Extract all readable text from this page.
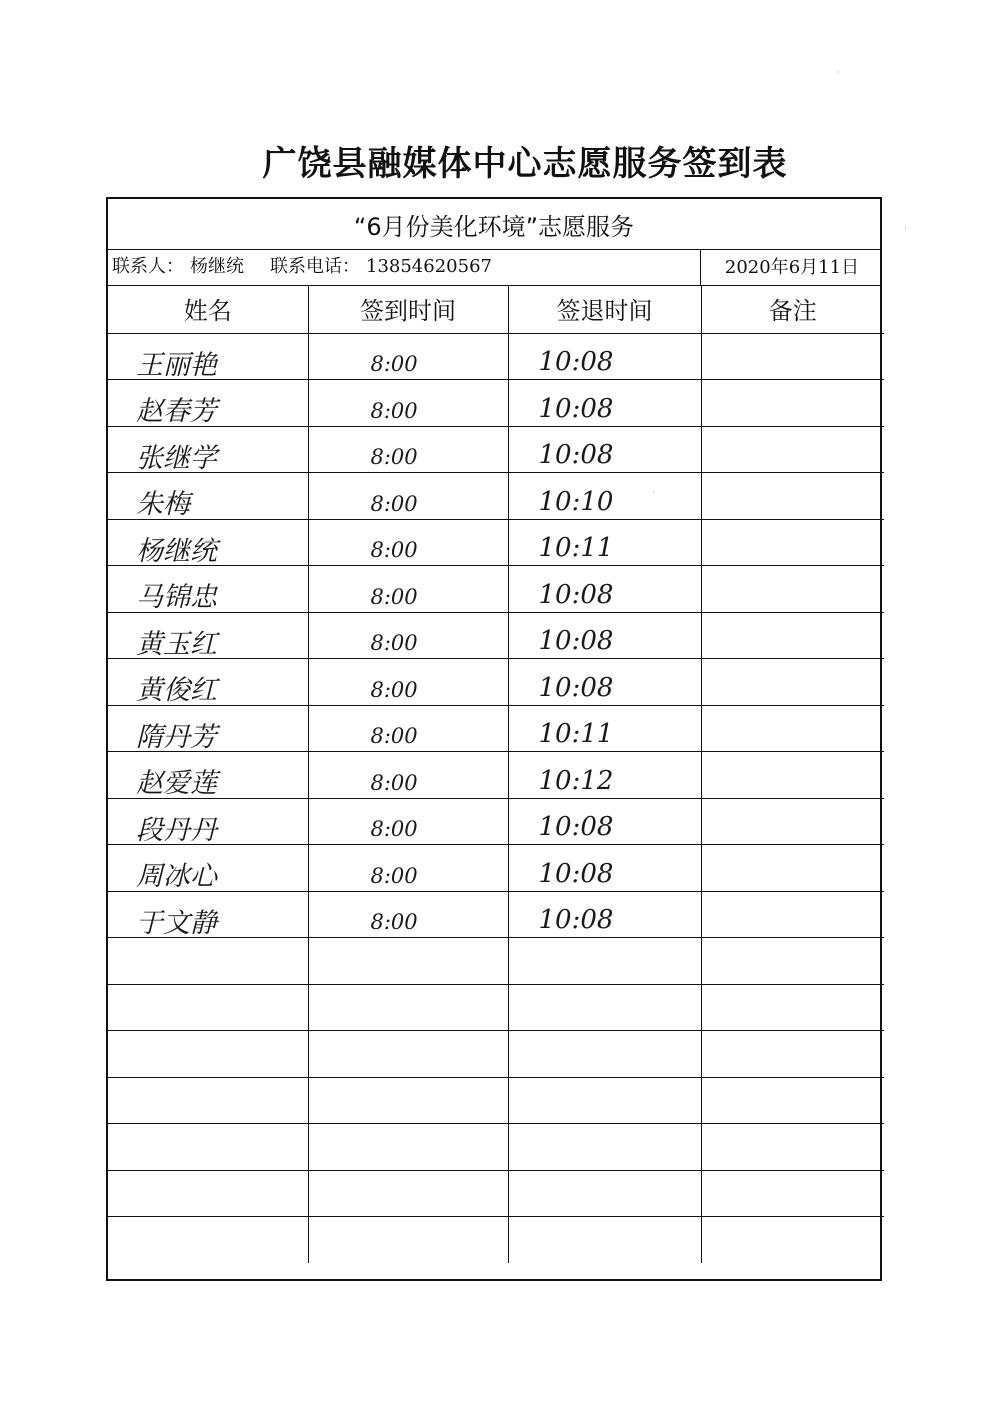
广饶县融媒体中心志愿服务签到表
“6月份美化环境”志愿服务
联系人： 杨继统 联系电话： 13854620567	2020年6月11日
姓名	签到时间	签退时间	备注
王丽艳	8:00	10:08	
赵春芳	8:00	10:08	
张继学	8:00	10:08	
朱梅	8:00	10:10	
杨继统	8:00	10:11	
马锦忠	8:00	10:08	
黄玉红	8:00	10:08	
黄俊红	8:00	10:08	
隋丹芳	8:00	10:11	
赵爱莲	8:00	10:12	
段丹丹	8:00	10:08	
周冰心	8:00	10:08	
于文静	8:00	10:08	

·
·
·
